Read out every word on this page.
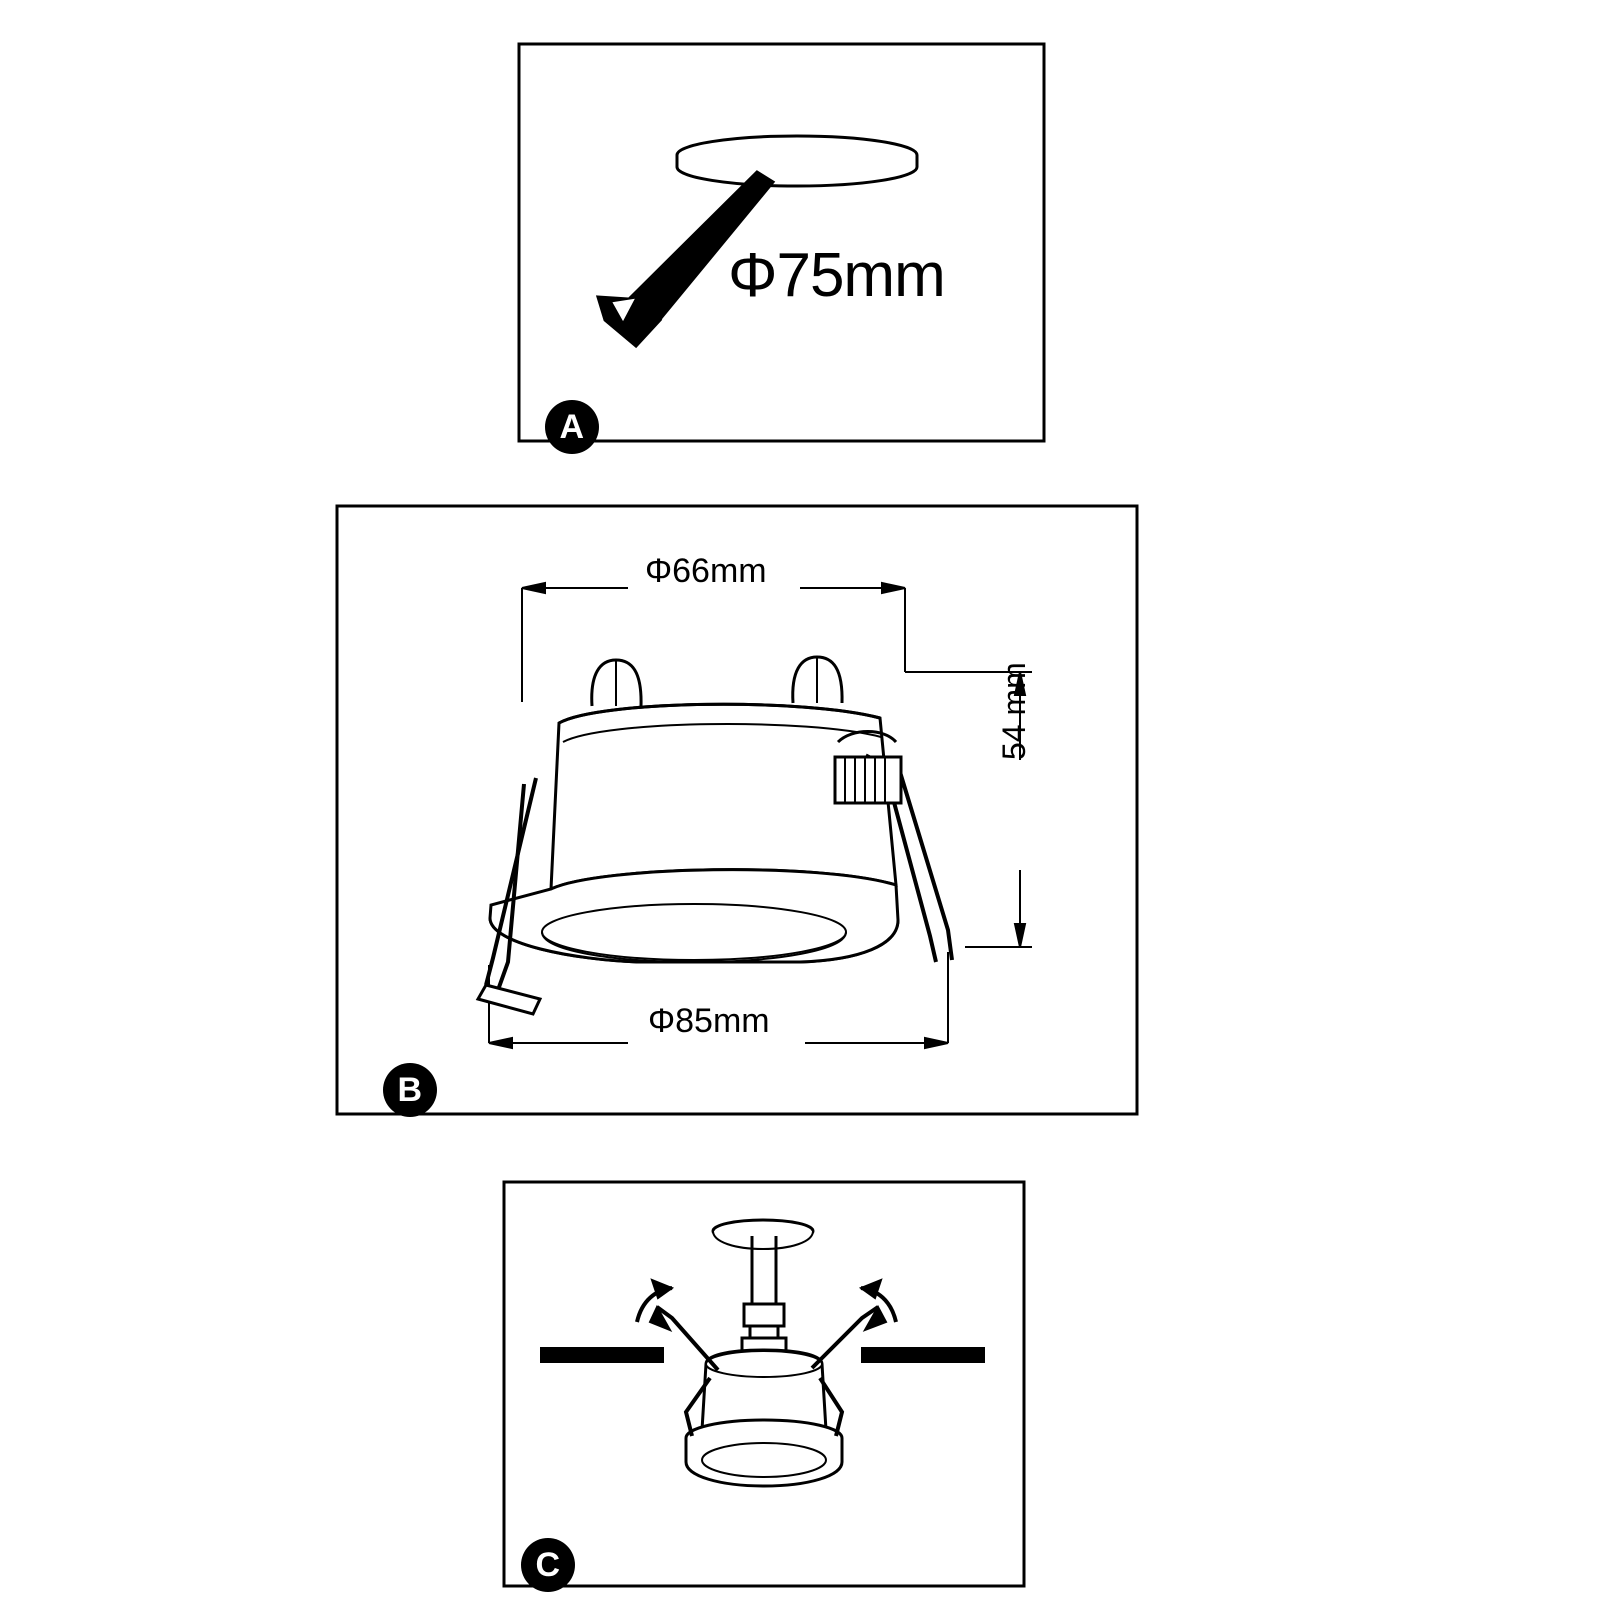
A
B
C
Φ75mm
Φ66mm
Φ85mm
54 mm
